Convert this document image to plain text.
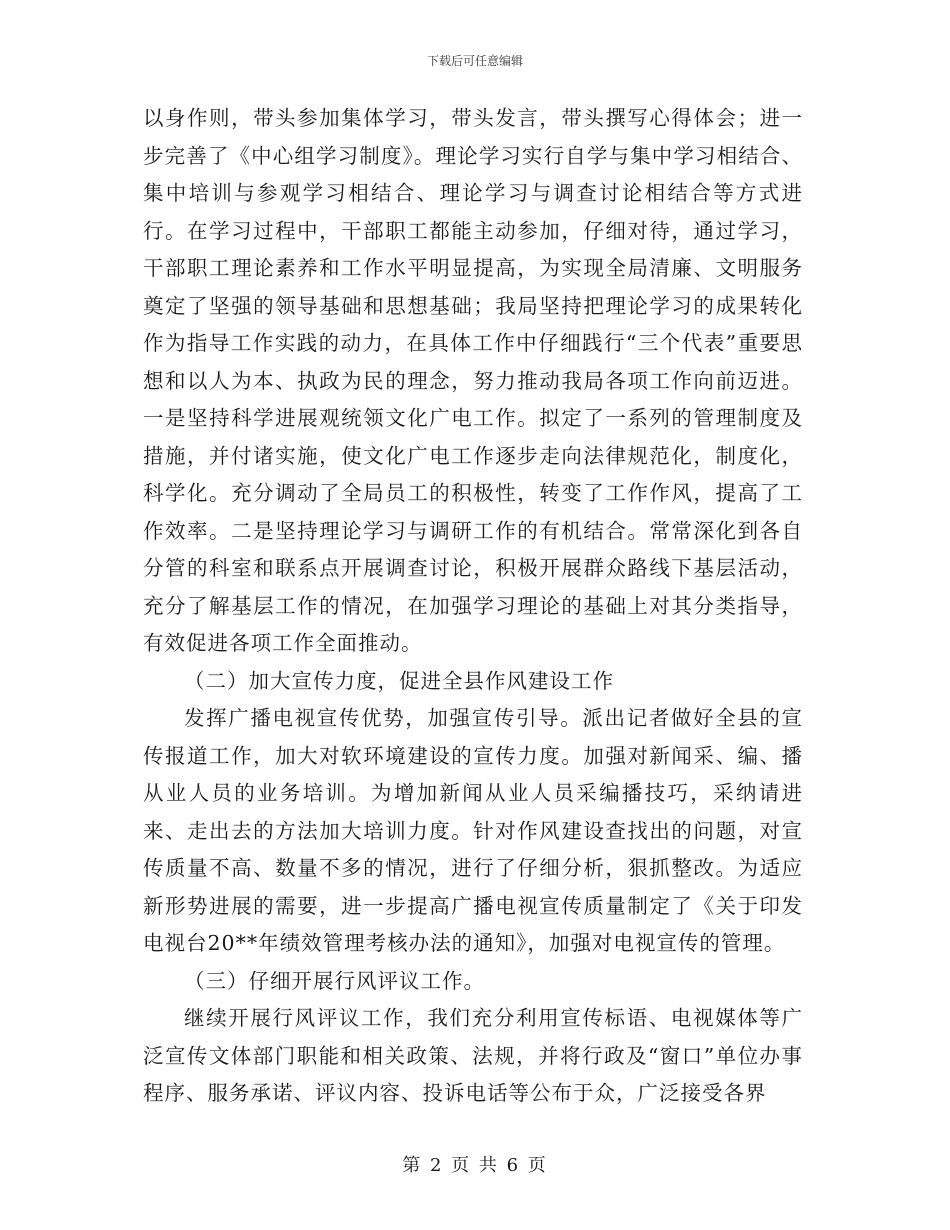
下载后可任意编辑

以身作则，带头参加集体学习，带头发言，带头撰写心得体会；进一步完善了《中心组学习制度》。理论学习实行自学与集中学习相结合、集中培训与参观学习相结合、理论学习与调查讨论相结合等方式进行。在学习过程中，干部职工都能主动参加，仔细对待，通过学习，干部职工理论素养和工作水平明显提高，为实现全局清廉、文明服务奠定了坚强的领导基础和思想基础；我局坚持把理论学习的成果转化作为指导工作实践的动力，在具体工作中仔细践行“三个代表”重要思想和以人为本、执政为民的理念，努力推动我局各项工作向前迈进。一是坚持科学进展观统领文化广电工作。拟定了一系列的管理制度及措施，并付诸实施，使文化广电工作逐步走向法律规范化，制度化，科学化。充分调动了全局员工的积极性，转变了工作作风，提高了工作效率。二是坚持理论学习与调研工作的有机结合。常常深化到各自分管的科室和联系点开展调查讨论，积极开展群众路线下基层活动，充分了解基层工作的情况，在加强学习理论的基础上对其分类指导，有效促进各项工作全面推动。

（二）加大宣传力度，促进全县作风建设工作

发挥广播电视宣传优势，加强宣传引导。派出记者做好全县的宣传报道工作，加大对软环境建设的宣传力度。加强对新闻采、编、播从业人员的业务培训。为增加新闻从业人员采编播技巧，采纳请进来、走出去的方法加大培训力度。针对作风建设查找出的问题，对宣传质量不高、数量不多的情况，进行了仔细分析，狠抓整改。为适应新形势进展的需要，进一步提高广播电视宣传质量制定了《关于印发电视台20**年绩效管理考核办法的通知》，加强对电视宣传的管理。

（三）仔细开展行风评议工作。

继续开展行风评议工作，我们充分利用宣传标语、电视媒体等广泛宣传文体部门职能和相关政策、法规，并将行政及“窗口”单位办事程序、服务承诺、评议内容、投诉电话等公布于众，广泛接受各界

第 2 页 共 6 页
